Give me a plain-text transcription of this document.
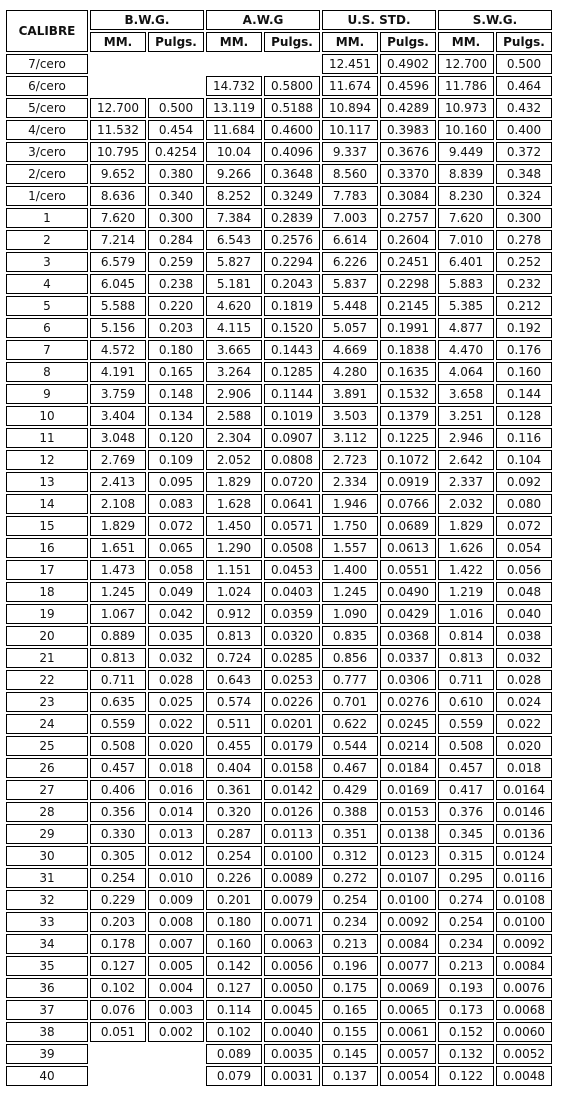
CALIBRE	B.W.G.		A.W.G		U.S. STD.		S.W.G.	
	MM.	Pulgs.	MM.	Pulgs.	MM.	Pulgs.	MM.	Pulgs.
7/cero					12.451	0.4902	12.700	0.500
6/cero			14.732	0.5800	11.674	0.4596	11.786	0.464
5/cero	12.700	0.500	13.119	0.5188	10.894	0.4289	10.973	0.432
4/cero	11.532	0.454	11.684	0.4600	10.117	0.3983	10.160	0.400
3/cero	10.795	0.4254	10.04	0.4096	9.337	0.3676	9.449	0.372
2/cero	9.652	0.380	9.266	0.3648	8.560	0.3370	8.839	0.348
1/cero	8.636	0.340	8.252	0.3249	7.783	0.3084	8.230	0.324
1	7.620	0.300	7.384	0.2839	7.003	0.2757	7.620	0.300
2	7.214	0.284	6.543	0.2576	6.614	0.2604	7.010	0.278
3	6.579	0.259	5.827	0.2294	6.226	0.2451	6.401	0.252
4	6.045	0.238	5.181	0.2043	5.837	0.2298	5.883	0.232
5	5.588	0.220	4.620	0.1819	5.448	0.2145	5.385	0.212
6	5.156	0.203	4.115	0.1520	5.057	0.1991	4.877	0.192
7	4.572	0.180	3.665	0.1443	4.669	0.1838	4.470	0.176
8	4.191	0.165	3.264	0.1285	4.280	0.1635	4.064	0.160
9	3.759	0.148	2.906	0.1144	3.891	0.1532	3.658	0.144
10	3.404	0.134	2.588	0.1019	3.503	0.1379	3.251	0.128
11	3.048	0.120	2.304	0.0907	3.112	0.1225	2.946	0.116
12	2.769	0.109	2.052	0.0808	2.723	0.1072	2.642	0.104
13	2.413	0.095	1.829	0.0720	2.334	0.0919	2.337	0.092
14	2.108	0.083	1.628	0.0641	1.946	0.0766	2.032	0.080
15	1.829	0.072	1.450	0.0571	1.750	0.0689	1.829	0.072
16	1.651	0.065	1.290	0.0508	1.557	0.0613	1.626	0.054
17	1.473	0.058	1.151	0.0453	1.400	0.0551	1.422	0.056
18	1.245	0.049	1.024	0.0403	1.245	0.0490	1.219	0.048
19	1.067	0.042	0.912	0.0359	1.090	0.0429	1.016	0.040
20	0.889	0.035	0.813	0.0320	0.835	0.0368	0.814	0.038
21	0.813	0.032	0.724	0.0285	0.856	0.0337	0.813	0.032
22	0.711	0.028	0.643	0.0253	0.777	0.0306	0.711	0.028
23	0.635	0.025	0.574	0.0226	0.701	0.0276	0.610	0.024
24	0.559	0.022	0.511	0.0201	0.622	0.0245	0.559	0.022
25	0.508	0.020	0.455	0.0179	0.544	0.0214	0.508	0.020
26	0.457	0.018	0.404	0.0158	0.467	0.0184	0.457	0.018
27	0.406	0.016	0.361	0.0142	0.429	0.0169	0.417	0.0164
28	0.356	0.014	0.320	0.0126	0.388	0.0153	0.376	0.0146
29	0.330	0.013	0.287	0.0113	0.351	0.0138	0.345	0.0136
30	0.305	0.012	0.254	0.0100	0.312	0.0123	0.315	0.0124
31	0.254	0.010	0.226	0.0089	0.272	0.0107	0.295	0.0116
32	0.229	0.009	0.201	0.0079	0.254	0.0100	0.274	0.0108
33	0.203	0.008	0.180	0.0071	0.234	0.0092	0.254	0.0100
34	0.178	0.007	0.160	0.0063	0.213	0.0084	0.234	0.0092
35	0.127	0.005	0.142	0.0056	0.196	0.0077	0.213	0.0084
36	0.102	0.004	0.127	0.0050	0.175	0.0069	0.193	0.0076
37	0.076	0.003	0.114	0.0045	0.165	0.0065	0.173	0.0068
38	0.051	0.002	0.102	0.0040	0.155	0.0061	0.152	0.0060
39			0.089	0.0035	0.145	0.0057	0.132	0.0052
40			0.079	0.0031	0.137	0.0054	0.122	0.0048
